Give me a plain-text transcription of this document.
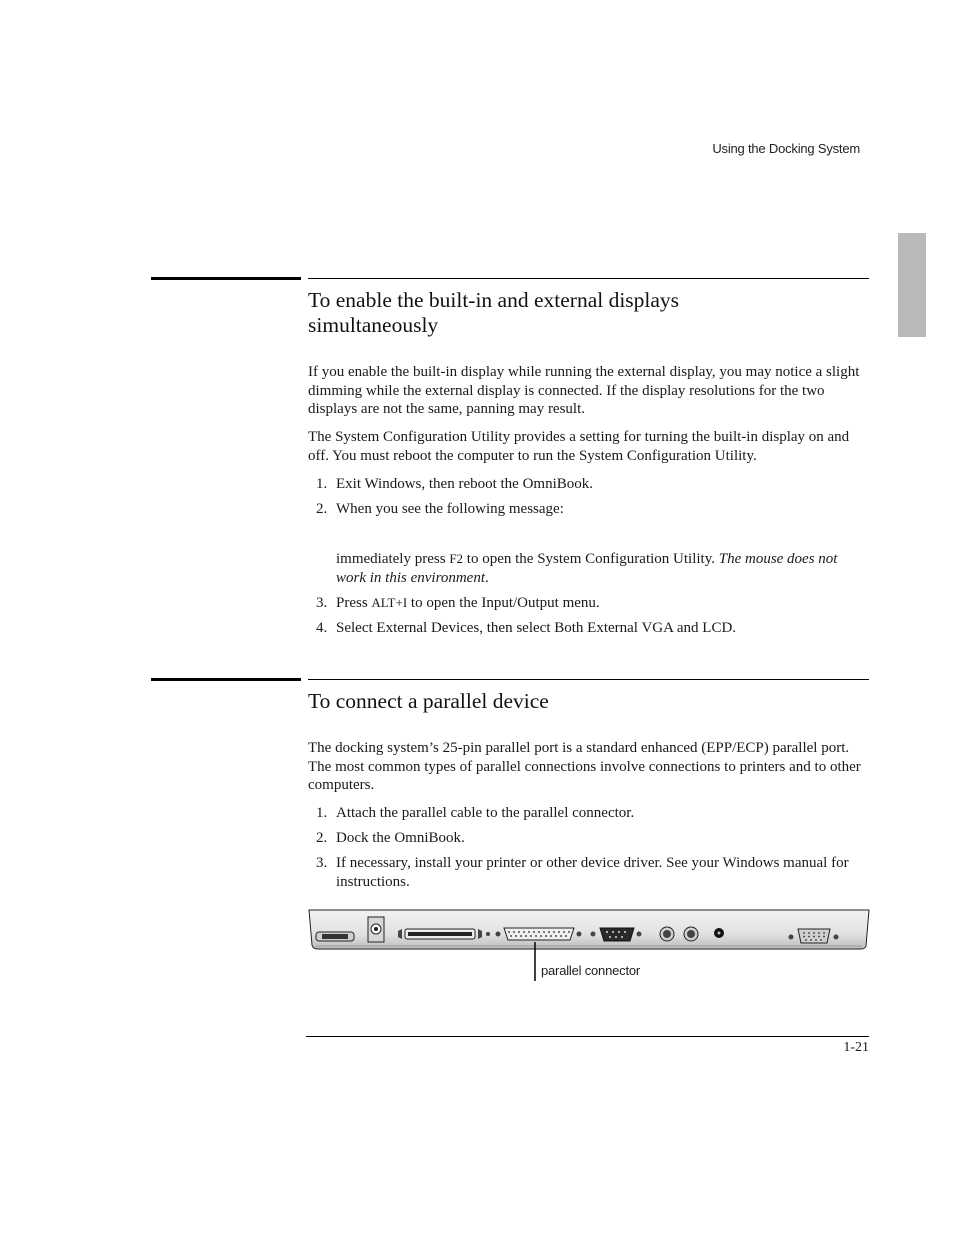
Using the Docking System
To enable the built-in and external displays
simultaneously

If you enable the built-in display while running the external display, you may notice a slight dimming while the external display is connected. If the display resolutions for the two displays are not the same, panning may result.

The System Configuration Utility provides a setting for turning the built-in display on and off. You must reboot the computer to run the System Configuration Utility.

1. Exit Windows, then reboot the OmniBook.

2. When you see the following message:

immediately press F2 to open the System Configuration Utility. The mouse does not work in this environment.

3. Press ALT+I to open the Input/Output menu.

4. Select External Devices, then select Both External VGA and LCD.

To connect a parallel device

The docking system’s 25-pin parallel port is a standard enhanced (EPP/ECP) parallel port. The most common types of parallel connections involve connections to printers and to other computers.

1. Attach the parallel cable to the parallel connector.

2. Dock the OmniBook.

3. If necessary, install your printer or other device driver. See your Windows manual for instructions.

parallel connector
1-21
